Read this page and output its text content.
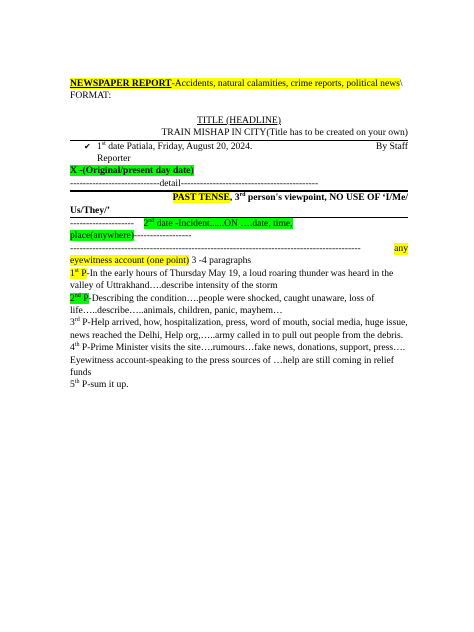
NEWSPAPER REPORT-Accidents, natural calamities, crime reports, political news\
FORMAT:
TITLE (HEADLINE)
TRAIN MISHAP IN CITY(Title has to be created on your own)
✔ 1st date Patiala, Friday, August 20, 2024.	By Staff
Reporter
X -(Original/present day date)
----------------------------detail-------------------------------------------
PAST TENSE, 3rd person's viewpoint, NO USE OF ‘I/Me/
Us/They/’
-------------------- 2nd date -Incident......ON ….date, time,
place(anywhere)------------------
-------------------------------------------------------------------------------------------	any
eyewitness account (one point) 3 -4 paragraphs
1st P-In the early hours of Thursday May 19, a loud roaring thunder was heard in the valley of Uttrakhand….describe intensity of the storm
2nd P-Describing the condition….people were shocked, caught unaware, loss of life…..describe…..animals, children, panic, mayhem…
3rd P-Help arrived, how, hospitalization, press, word of mouth, social media, huge issue, news reached the Delhi, Help org,…..army called in to pull out people from the debris.
4th P-Prime Minister visits the site….rumours…fake news, donations, support, press…. Eyewitness account-speaking to the press sources of …help are still coming in relief funds
5th P-sum it up.
